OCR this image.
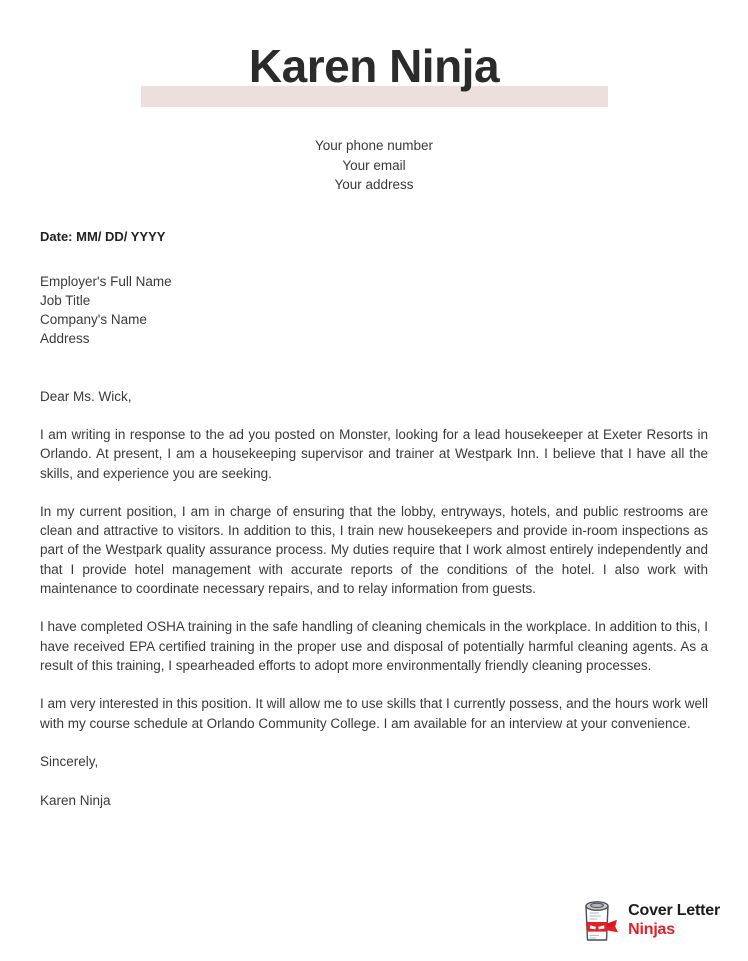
Karen Ninja
Your phone number
Your email
Your address
Date: MM/ DD/ YYYY
Employer's Full Name
Job Title
Company's Name
Address
Dear Ms. Wick,

I am writing in response to the ad you posted on Monster, looking for a lead housekeeper at Exeter Resorts in Orlando. At present, I am a housekeeping supervisor and trainer at Westpark Inn. I believe that I have all the skills, and experience you are seeking.

In my current position, I am in charge of ensuring that the lobby, entryways, hotels, and public restrooms are clean and attractive to visitors. In addition to this, I train new housekeepers and provide in-room inspections as part of the Westpark quality assurance process. My duties require that I work almost entirely independently and that I provide hotel management with accurate reports of the conditions of the hotel. I also work with maintenance to coordinate necessary repairs, and to relay information from guests.

I have completed OSHA training in the safe handling of cleaning chemicals in the workplace. In addition to this, I have received EPA certified training in the proper use and disposal of potentially harmful cleaning agents. As a result of this training, I spearheaded efforts to adopt more environmentally friendly cleaning processes.

I am very interested in this position. It will allow me to use skills that I currently possess, and the hours work well with my course schedule at Orlando Community College. I am available for an interview at your convenience.

Sincerely,
Karen Ninja
Cover Letter
Ninjas
